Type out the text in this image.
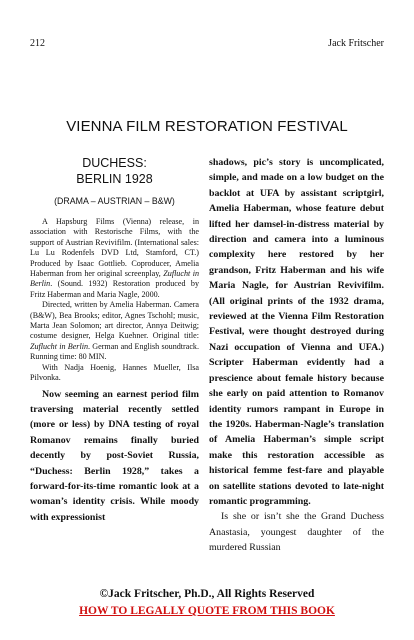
212	Jack Fritscher
VIENNA FILM RESTORATION FESTIVAL
DUCHESS:
BERLIN 1928
(DRAMA – AUSTRIAN – B&W)

A Hapsburg Films (Vienna) release, in association with Restorische Films, with the support of Austrian Revivifilm. (International sales: Lu Lu Rodenfels DVD Ltd, Stamford, CT.) Produced by Isaac Gottlieb. Coproducer, Amelia Haberman from her original screenplay, Zuflucht in Berlin. (Sound. 1932) Restoration produced by Fritz Haberman and Maria Nagle, 2000.

Directed, written by Amelia Haberman. Camera (B&W), Bea Brooks; editor, Agnes Tschohl; music, Marta Jean Solomon; art director, Annya Deitwig; costume designer, Helga Kuehner. Original title: Zuflucht in Berlin. German and English soundtrack. Running time: 80 MIN.

With Nadja Hoenig, Hannes Mueller, Ilsa Pilvonka.

Now seeming an earnest period film traversing material recently settled (more or less) by DNA testing of royal Romanov remains finally buried decently by post-Soviet Russia, “Duchess: Berlin 1928,” takes a forward-for-its-time romantic look at a woman’s identity crisis. While moody with expressionist

shadows, pic’s story is uncomplicated, simple, and made on a low budget on the backlot at UFA by assistant scriptgirl, Amelia Haberman, whose feature debut lifted her damsel-in-distress material by direction and camera into a luminous complexity here restored by her grandson, Fritz Haberman and his wife Maria Nagle, for Austrian Revivifilm. (All original prints of the 1932 drama, reviewed at the Vienna Film Restoration Festival, were thought destroyed during Nazi occupation of Vienna and UFA.) Scripter Haberman evidently had a prescience about female history because she early on paid attention to Romanov identity rumors rampant in Europe in the 1920s. Haberman-Nagle’s translation of Amelia Haberman’s simple script make this restoration accessible as historical femme fest-fare and playable on satellite stations devoted to late-night romantic programming.

Is she or isn’t she the Grand Duchess Anastasia, youngest daughter of the murdered Russian

©Jack Fritscher, Ph.D., All Rights Reserved
HOW TO LEGALLY QUOTE FROM THIS BOOK
